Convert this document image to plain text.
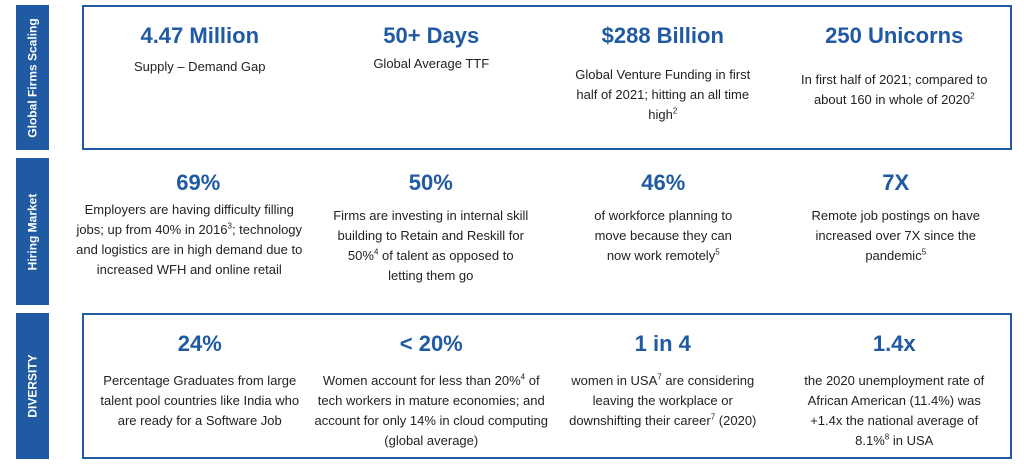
Global Firms Scaling
Hiring Market
DIVERSITY
4.47 Million
Supply – Demand Gap
50+ Days
Global Average TTF
$288 Billion
Global Venture Funding in first half of 2021; hitting an all time high$^2$
250 Unicorns
In first half of 2021; compared to about 160 in whole of 2020$^2$
69%
Employers are having difficulty filling jobs; up from 40% in 2016$^3$; technology and logistics are in high demand due to increased WFH and online retail
50%
Firms are investing in internal skill building to Retain and Reskill for 50%$^4$ of talent as opposed to letting them go
46%
of workforce planning to move because they can now work remotely$^5$
7X
Remote job postings on have increased over 7X since the pandemic$^5$
24%
Percentage Graduates from large talent pool countries like India who are ready for a Software Job
< 20%
Women account for less than 20%$^4$ of tech workers in mature economies; and account for only 14% in cloud computing (global average)
1 in 4
women in USA$^7$ are considering leaving the workplace or downshifting their career$^7$ (2020)
1.4x
the 2020 unemployment rate of African American (11.4%) was +1.4x the national average of 8.1%$^8$ in USA
